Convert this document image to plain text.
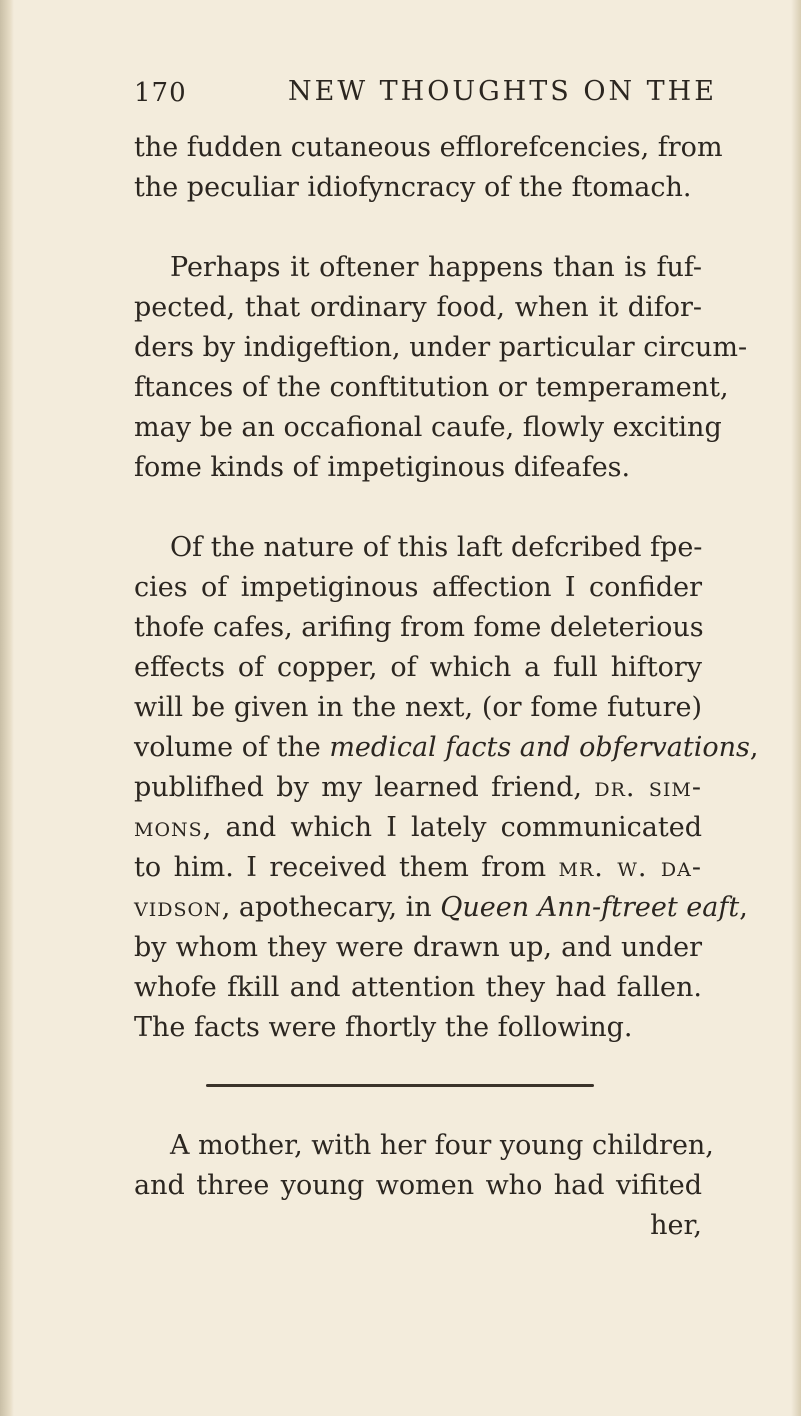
170	NEW THOUGHTS ON THE
the fudden cutaneous efflorefcencies, from
the peculiar idiofyncracy of the ftomach.
Perhaps it oftener happens than is fuf-
pected, that ordinary food, when it difor-
ders by indigeftion, under particular circum-
ftances of the conftitution or temperament,
may be an occafional caufe, flowly exciting
fome kinds of impetiginous difeafes.
Of the nature of this laft defcribed fpe-
cies of impetiginous affection I confider
thofe cafes, arifing from fome deleterious
effects of copper, of which a full hiftory
will be given in the next, (or fome future)
volume of the medical facts and obfervations,
publifhed by my learned friend, dr. sim-
mons, and which I lately communicated
to him. I received them from mr. w. da-
vidson, apothecary, in Queen Ann-ftreet eaft,
by whom they were drawn up, and under
whofe fkill and attention they had fallen.
The facts were fhortly the following.
A mother, with her four young children,
and three young women who had vifited
her,
